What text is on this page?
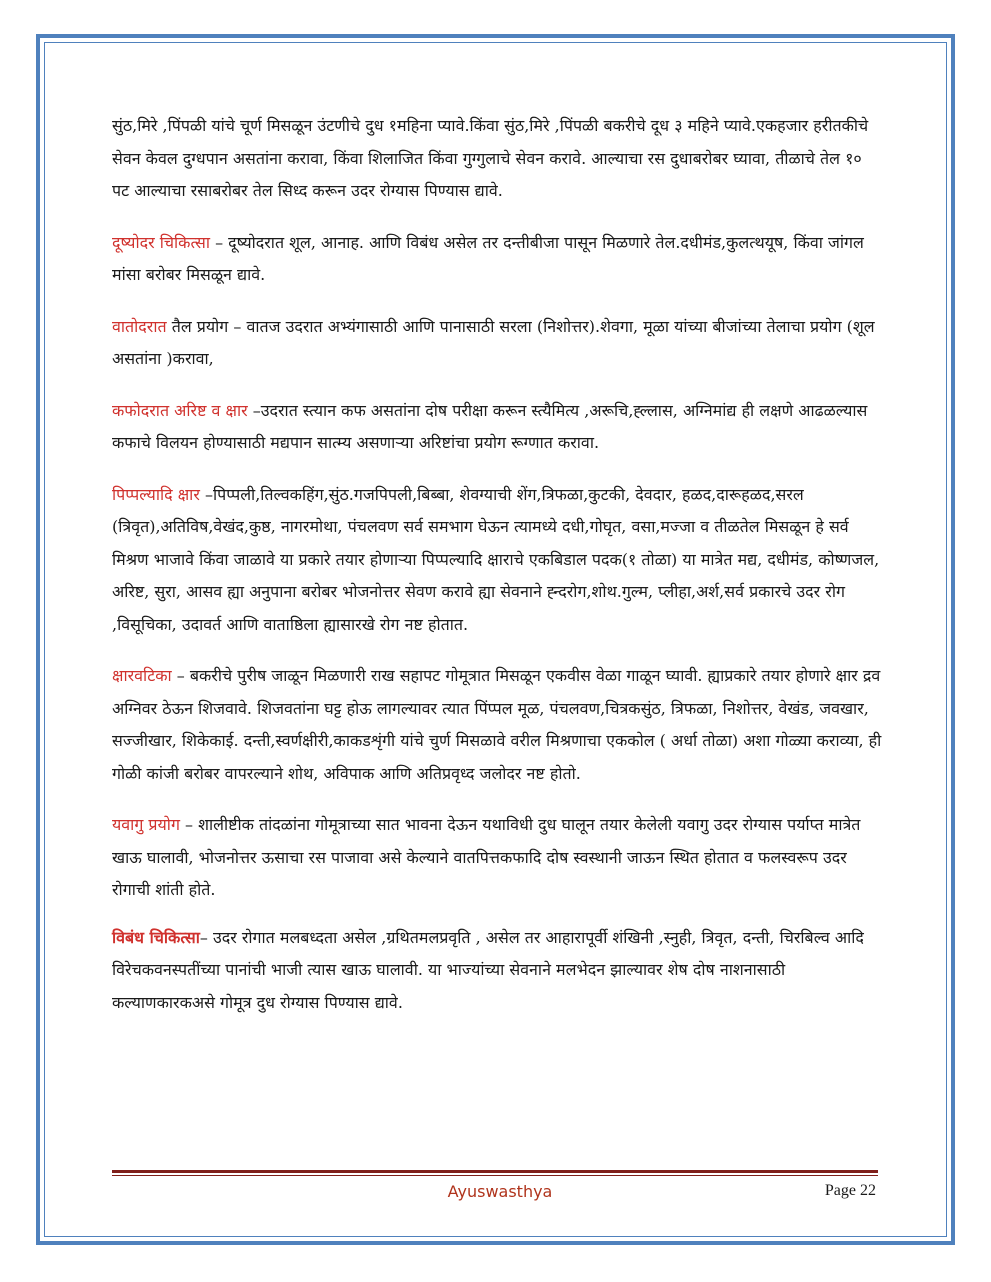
सुंठ,मिरे ,पिंपळी यांचे चूर्ण मिसळून उंटणीचे दुध १महिना प्यावे.किंवा सुंठ,मिरे ,पिंपळी बकरीचे दूध ३ महिने प्यावे.एकहजार हरीतकीचे सेवन केवल दुग्धपान असतांना करावा, किंवा शिलाजित किंवा गुग्गुलाचे सेवन करावे. आल्याचा रस दुधाबरोबर घ्यावा, तीळाचे तेल १० पट आल्याचा रसाबरोबर तेल सिध्द करून उदर रोग्यास पिण्यास द्यावे.

दूष्योदर चिकित्सा – दूष्योदरात शूल, आनाह. आणि विबंध असेल तर दन्तीबीजा पासून मिळणारे तेल.दधीमंड,कुलत्थयूष, किंवा जांगल मांसा बरोबर मिसळून द्यावे.

वातोदरात तैल प्रयोग – वातज उदरात अभ्यंगासाठी आणि पानासाठी सरला (निशोत्तर).शेवगा, मूळा यांच्या बीजांच्या तेलाचा प्रयोग (शूल असतांना )करावा,

कफोदरात अरिष्ट व क्षार –उदरात स्त्यान कफ असतांना दोष परीक्षा करून स्त्यैमित्य ,अरूचि,ह्ल्लास, अग्निमांद्य ही लक्षणे आढळल्यास कफाचे विलयन होण्यासाठी मद्यपान सात्म्य असणाऱ्या अरिष्टांचा प्रयोग रूग्णात करावा.

पिप्पल्यादि क्षार –पिप्पली,तिल्वकहिंग,सुंठ.गजपिपली,बिब्बा, शेवग्याची शेंग,त्रिफळा,कुटकी, देवदार, हळद,दारूहळद,सरल (त्रिवृत),अतिविष,वेखंद,कुष्ठ, नागरमोथा, पंचलवण सर्व समभाग घेऊन त्यामध्ये दधी,गोघृत, वसा,मज्जा व तीळतेल मिसळून हे सर्व मिश्रण भाजावे किंवा जाळावे या प्रकारे तयार होणाऱ्या पिप्पल्यादि क्षाराचे एकबिडाल पदक(१ तोळा) या मात्रेत मद्य, दधीमंड, कोष्णजल, अरिष्ट, सुरा, आसव ह्या अनुपाना बरोबर भोजनोत्तर सेवण करावे ह्या सेवनाने ह्न्दरोग,शोथ.गुल्म, प्लीहा,अर्श,सर्व प्रकारचे उदर रोग ,विसूचिका, उदावर्त आणि वाताष्ठिला ह्यासारखे रोग नष्ट होतात.

क्षारवटिका – बकरीचे पुरीष जाळून मिळणारी राख सहापट गोमूत्रात मिसळून एकवीस वेळा गाळून घ्यावी. ह्याप्रकारे तयार होणारे क्षार द्रव अग्निवर ठेऊन शिजवावे. शिजवतांना घट्ट होऊ लागल्यावर त्यात पिंप्पल मूळ, पंचलवण,चित्रकसुंठ, त्रिफळा, निशोत्तर, वेखंड, जवखार, सज्जीखार, शिकेकाई. दन्ती,स्वर्णक्षीरी,काकडशृंगी यांचे चुर्ण मिसळावे वरील मिश्रणाचा एककोल ( अर्धा तोळा) अशा गोळ्या कराव्या, ही गोळी कांजी बरोबर वापरल्याने शोथ, अविपाक आणि अतिप्रवृध्द जलोदर नष्ट होतो.

यवागु प्रयोग – शालीष्टीक तांदळांना गोमूत्राच्या सात भावना देऊन यथाविधी दुध घालून तयार केलेली यवागु उदर रोग्यास पर्याप्त मात्रेत खाऊ घालावी, भोजनोत्तर ऊसाचा रस पाजावा असे केल्याने वातपित्तकफादि दोष स्वस्थानी जाऊन स्थित होतात व फलस्वरूप उदर रोगाची शांती होते.

विबंध चिकित्सा– उदर रोगात मलबध्दता असेल ,ग्रथितमलप्रवृति , असेल तर आहारापूर्वी शंखिनी ,स्नुही, त्रिवृत, दन्ती, चिरबिल्व आदि विरेचकवनस्पतींच्या पानांची भाजी त्यास खाऊ घालावी. या भाज्यांच्या सेवनाने मलभेदन झाल्यावर शेष दोष नाशनासाठी कल्याणकारकअसे गोमूत्र दुध रोग्यास पिण्यास द्यावे.

Ayuswasthya	Page 22
